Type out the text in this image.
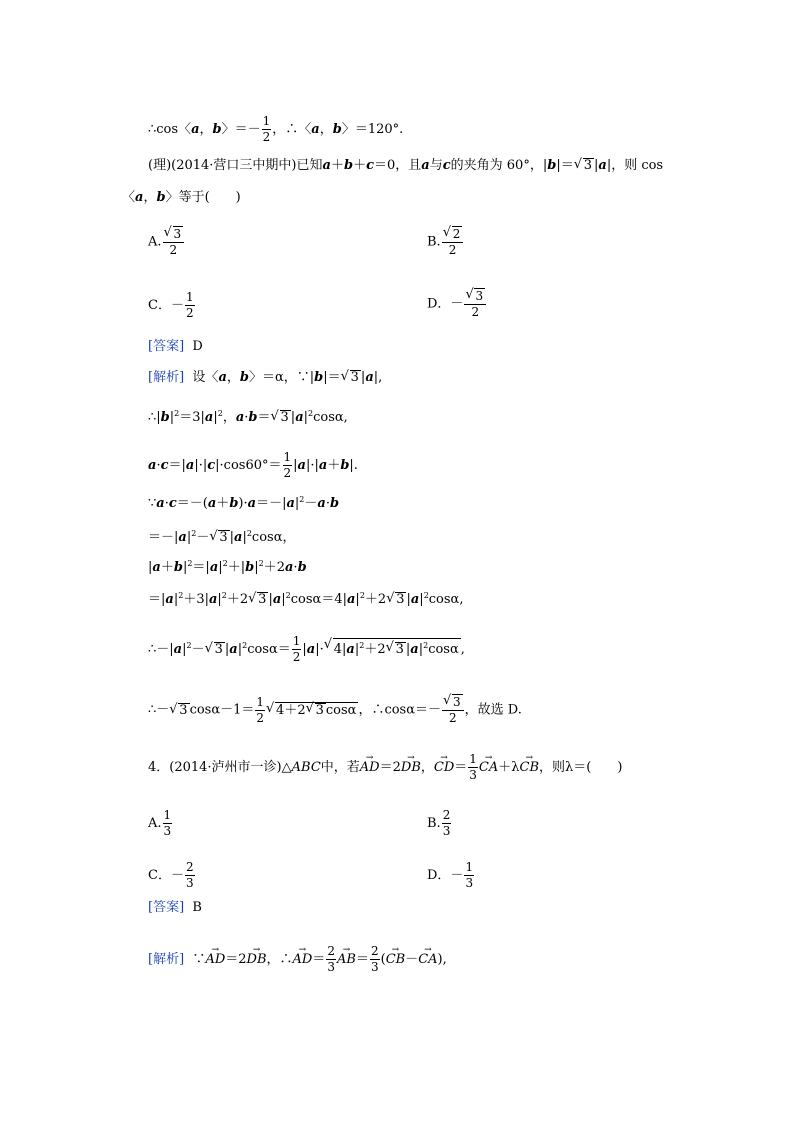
∴cos〈a，b〉＝－ $\frac{1}{2}$ ，∴〈a，b〉＝120°.
(理)(2014·营口三中期中)已知a＋b＋c＝0，且a与c的夹角为 60°，|b|＝√ 3 |a|，则 cos
〈a，b〉等于(　　)
A.
√ $\frac{3}{2}$	B.
√ $\frac{2}{2}$
C．－ $\frac{1}{2}$	D．－
√ $\frac{3}{2}$
[答案] D
[解析] 设〈a，b〉＝α，∵|b|＝√ 3 |a|,
$\therefore|b|^2=3|a|^2$，a·b＝√ 3 $|a|^2\cos\alpha$,
$a\cdot c=|a|\cdot|c|\cdot\cos 60^\circ= \frac{1}{2} |a|\cdot|a+b|$.
$\because a\cdot c=-(a+b)\cdot a=-|a|^2-a\cdot b$
$=-|a|^2-√$ 3 $|a|^2\cos\alpha$，
$|a+b|^2=|a|^2+|b|^2+2a\cdot b$
$=|a|^2+3|a|^2+2√$ 3 $|a|^2\cos\alpha=4|a|^2+2√$ 3 $|a|^2\cos\alpha$,
$\therefore-|a|^2-√$ 3 $|a|^2\cos\alpha= \frac{1}{2} |a|\cdot√$ $4|a|^2+2√$ 3 $|a|^2\cos\alpha$ ,
∴－√ 3 $\cos\alpha-1= \frac{1}{2}$
√ 4＋2√ 3 cosα ，∴cosα＝－
√ $\frac{3}{2}$ ，故选 D.
4．(2014·泸州市一诊)△ABC中，若→ AD＝2→ DB，→ $CD= \frac{1}{3}$
→ CA＋λ→ CB，则λ＝(　　)
A. $\frac{1}{3}$	B. $\frac{2}{3}$
C．－ $\frac{2}{3}$	D．－ $\frac{1}{3}$
[答案] B
[解析] ∵→ AD＝2→ DB，∴→ $AD= \frac{2}{3}$
→ $AB= \frac{2}{3}$ (→ CB－→ CA),
